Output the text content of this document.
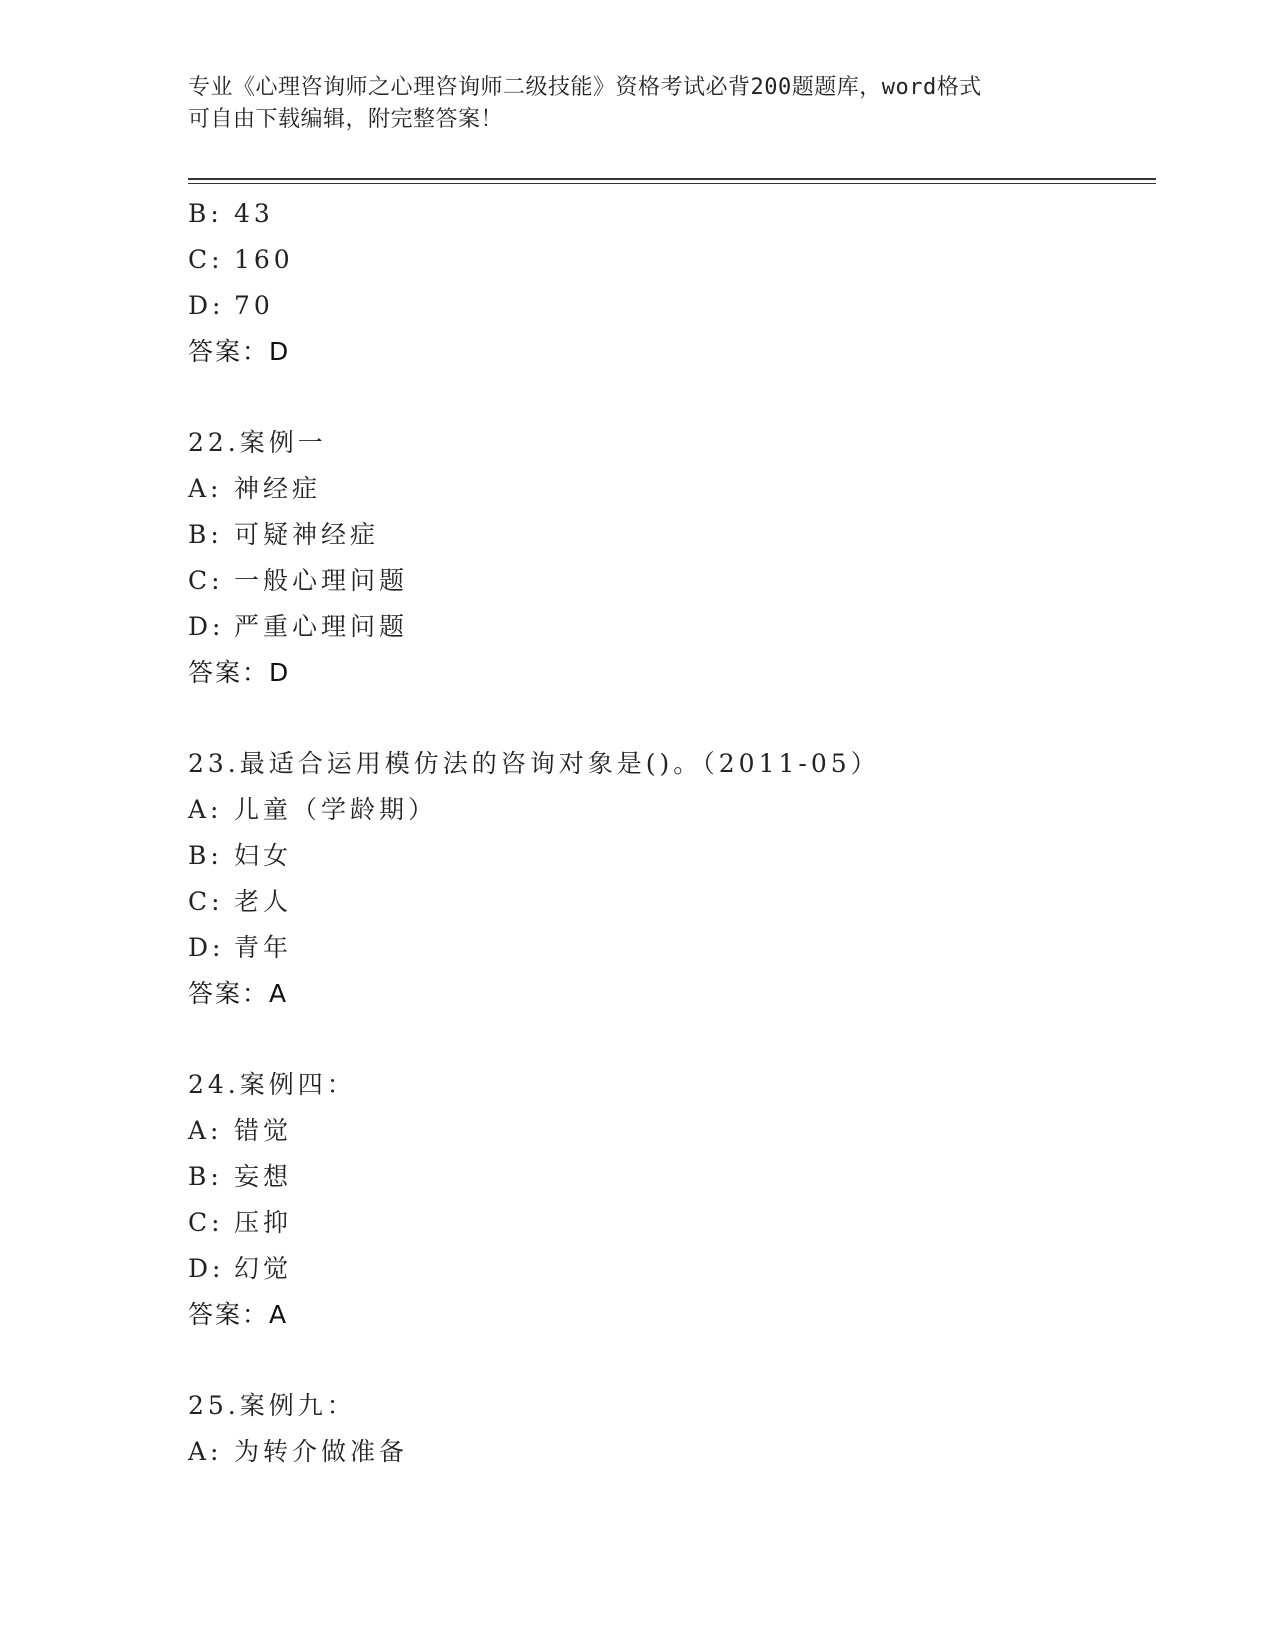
专业《心理咨询师之心理咨询师二级技能》资格考试必背200题题库，word格式
可自由下载编辑，附完整答案！
B: 43
C: 160
D: 70
答案：D
22.案例一
A: 神经症
B: 可疑神经症
C: 一般心理问题
D: 严重心理问题
答案：D
23.最适合运用模仿法的咨询对象是()。（2011-05）
A: 儿童（学龄期）
B: 妇女
C: 老人
D: 青年
答案：A
24.案例四：
A: 错觉
B: 妄想
C: 压抑
D: 幻觉
答案：A
25.案例九：
A: 为转介做准备
